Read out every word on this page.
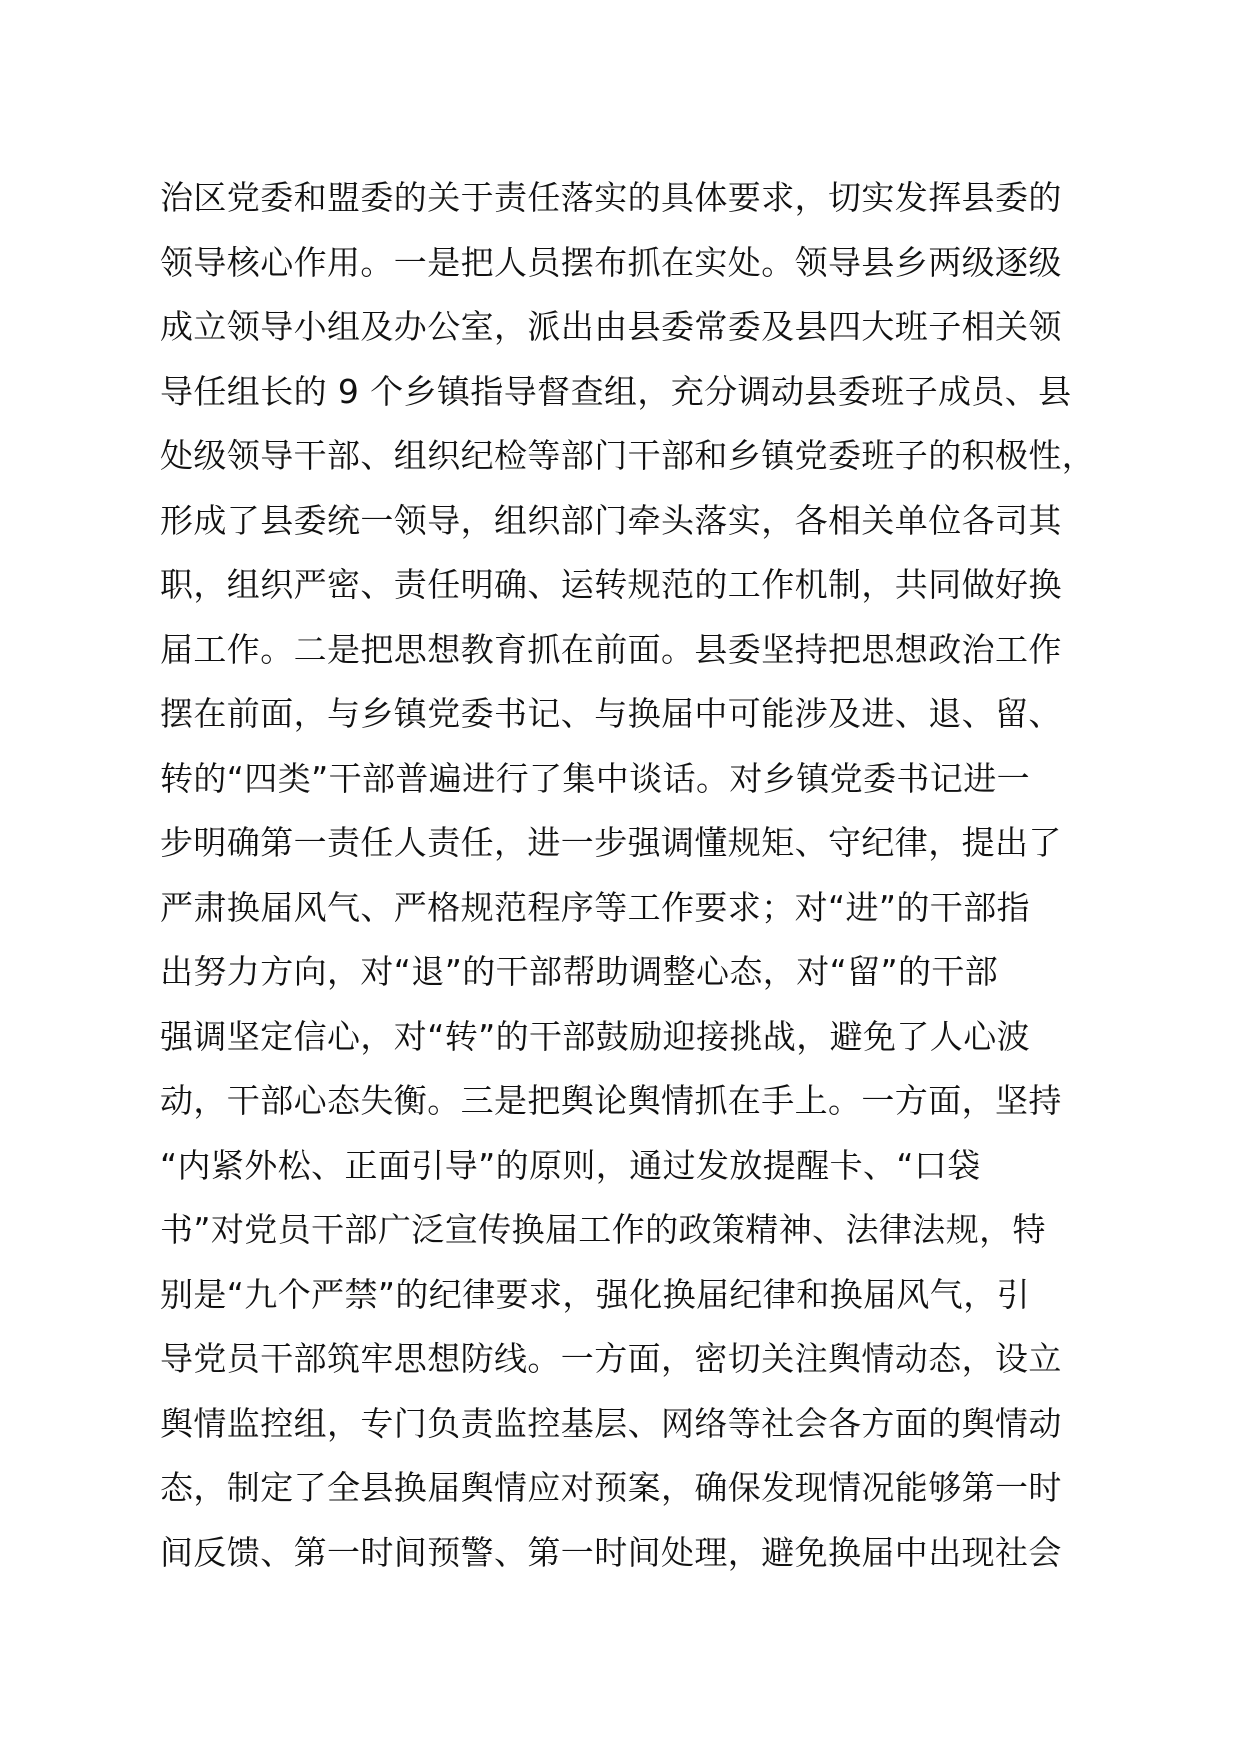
治区党委和盟委的关于责任落实的具体要求，切实发挥县委的

领导核心作用。一是把人员摆布抓在实处。领导县乡两级逐级

成立领导小组及办公室，派出由县委常委及县四大班子相关领

导任组长的 9 个乡镇指导督查组，充分调动县委班子成员、县

处级领导干部、组织纪检等部门干部和乡镇党委班子的积极性，

形成了县委统一领导，组织部门牵头落实，各相关单位各司其

职，组织严密、责任明确、运转规范的工作机制，共同做好换

届工作。二是把思想教育抓在前面。县委坚持把思想政治工作

摆在前面，与乡镇党委书记、与换届中可能涉及进、退、留、

转的“四类”干部普遍进行了集中谈话。对乡镇党委书记进一

步明确第一责任人责任，进一步强调懂规矩、守纪律，提出了

严肃换届风气、严格规范程序等工作要求；对“进”的干部指

出努力方向，对“退”的干部帮助调整心态，对“留”的干部

强调坚定信心，对“转”的干部鼓励迎接挑战，避免了人心波

动，干部心态失衡。三是把舆论舆情抓在手上。一方面，坚持

“内紧外松、正面引导”的原则，通过发放提醒卡、“口袋

书”对党员干部广泛宣传换届工作的政策精神、法律法规，特

别是“九个严禁”的纪律要求，强化换届纪律和换届风气，引

导党员干部筑牢思想防线。一方面，密切关注舆情动态，设立

舆情监控组，专门负责监控基层、网络等社会各方面的舆情动

态，制定了全县换届舆情应对预案，确保发现情况能够第一时

间反馈、第一时间预警、第一时间处理，避免换届中出现社会
